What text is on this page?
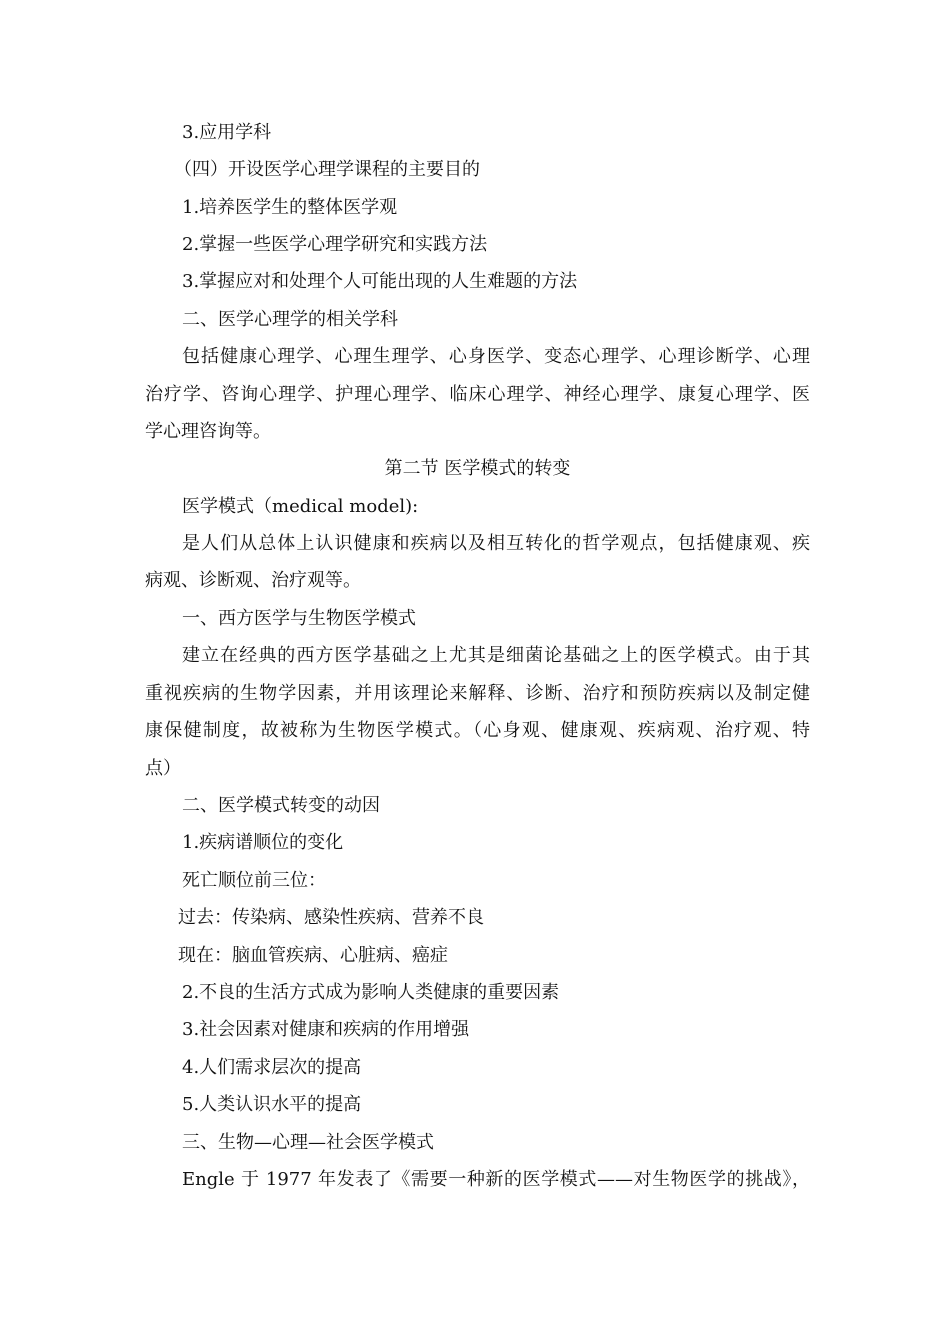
3.应用学科
（四）开设医学心理学课程的主要目的
1.培养医学生的整体医学观
2.掌握一些医学心理学研究和实践方法
3.掌握应对和处理个人可能出现的人生难题的方法
二、医学心理学的相关学科
包括健康心理学、心理生理学、心身医学、变态心理学、心理诊断学、心理
治疗学、咨询心理学、护理心理学、临床心理学、神经心理学、康复心理学、医
学心理咨询等。
第二节 医学模式的转变
医学模式（medical model):
是人们从总体上认识健康和疾病以及相互转化的哲学观点，包括健康观、疾
病观、诊断观、治疗观等。
一、西方医学与生物医学模式
建立在经典的西方医学基础之上尤其是细菌论基础之上的医学模式。由于其
重视疾病的生物学因素，并用该理论来解释、诊断、治疗和预防疾病以及制定健
康保健制度，故被称为生物医学模式。（心身观、健康观、疾病观、治疗观、特
点）
二、医学模式转变的动因
1.疾病谱顺位的变化
死亡顺位前三位：
过去：传染病、感染性疾病、营养不良
现在：脑血管疾病、心脏病、癌症
2.不良的生活方式成为影响人类健康的重要因素
3.社会因素对健康和疾病的作用增强
4.人们需求层次的提高
5.人类认识水平的提高
三、生物—心理—社会医学模式
Engle 于 1977 年发表了《需要一种新的医学模式——对生物医学的挑战》，
